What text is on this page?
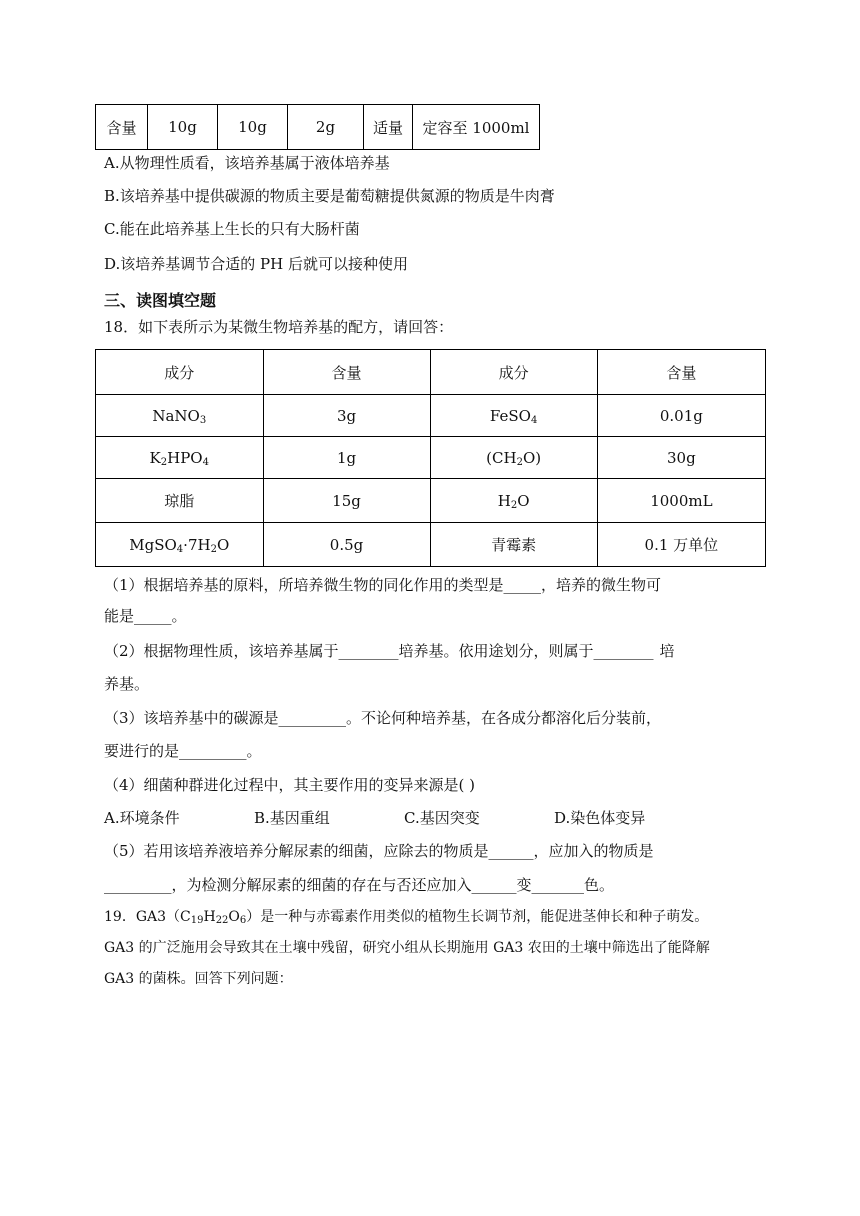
含量	10g	10g	2g	适量	定容至 1000ml
A.从物理性质看，该培养基属于液体培养基
B.该培养基中提供碳源的物质主要是葡萄糖提供氮源的物质是牛肉膏
C.能在此培养基上生长的只有大肠杆菌
D.该培养基调节合适的 PH 后就可以接种使用
三、读图填空题
18．如下表所示为某微生物培养基的配方，请回答：
成分	含量	成分	含量
NaNO$_3$	3g	FeSO$_4$	0.01g
$K_2HPO_4$	1g	$(CH_2O)$	30g
琼脂	15g	$H_2O$	1000mL
$MgSO_4\cdot 7H_2O$	0.5g	青霉素	0.1 万单位
（1）根据培养基的原料，所培养微生物的同化作用的类型是_____，培养的微生物可
能是_____。
（2）根据物理性质，该培养基属于________培养基。依用途划分，则属于________ 培
养基。
（3）该培养基中的碳源是_________。不论何种培养基，在各成分都溶化后分装前，
要进行的是_________。
（4）细菌种群进化过程中，其主要作用的变异来源是( )
A.环境条件	B.基因重组	C.基因突变	D.染色体变异
（5）若用该培养液培养分解尿素的细菌，应除去的物质是______，应加入的物质是
_________，为检测分解尿素的细菌的存在与否还应加入______变_______色。
19．$GA3(C_{19}H_{22}O_6)$是一种与赤霉素作用类似的植物生长调节剂，能促进茎伸长和种子萌发。
GA3 的广泛施用会导致其在土壤中残留，研究小组从长期施用 GA3 农田的土壤中筛选出了能降解
GA3 的菌株。回答下列问题：
